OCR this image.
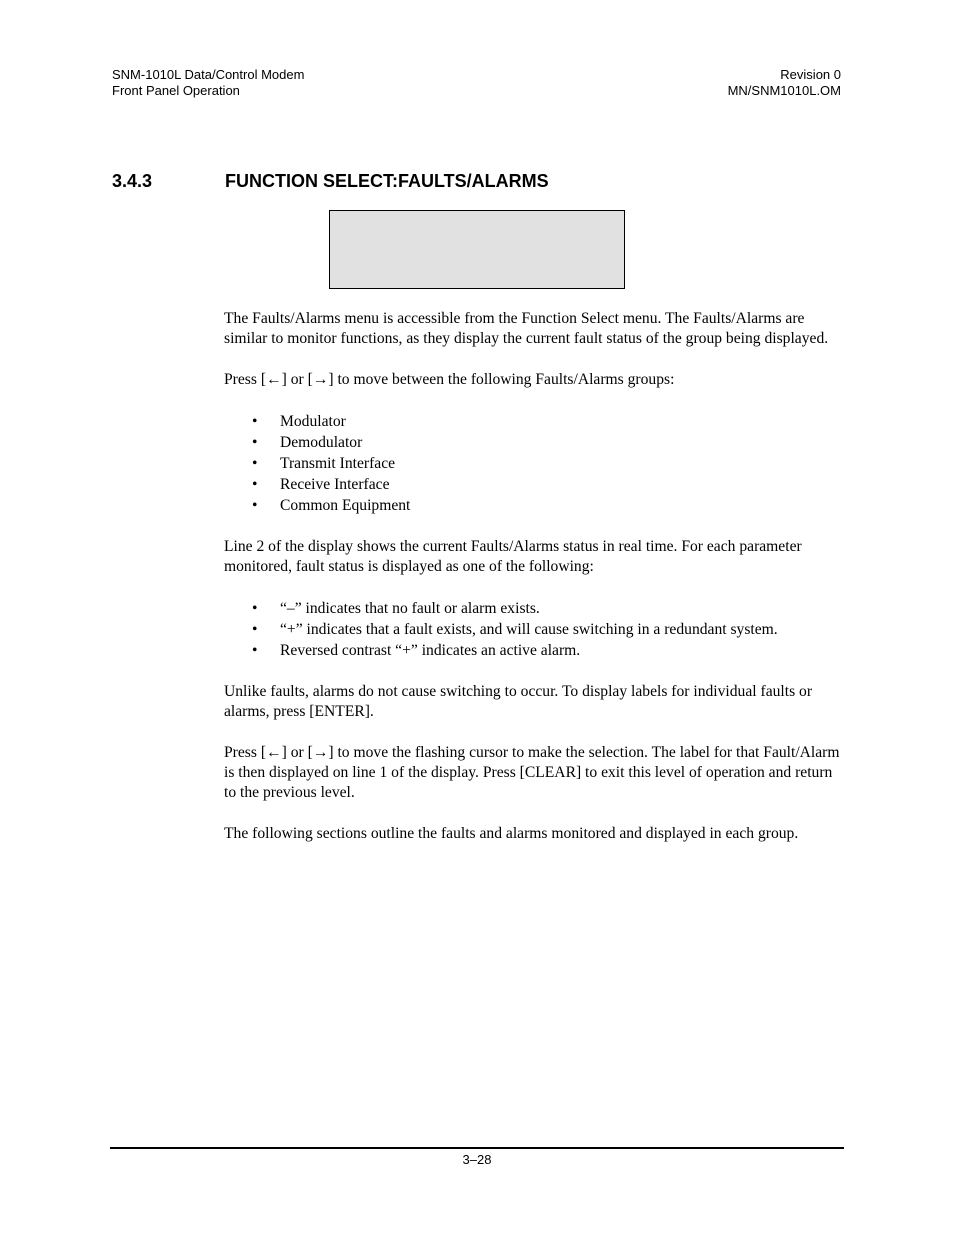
SNM-1010L Data/Control Modem
Front Panel Operation
Revision 0
MN/SNM1010L.OM
3.4.3	FUNCTION SELECT:FAULTS/ALARMS

The Faults/Alarms menu is accessible from the Function Select menu. The Faults/Alarms are similar to monitor functions, as they display the current fault status of the group being displayed.

Press [←] or [→] to move between the following Faults/Alarms groups:

• Modulator
• Demodulator
• Transmit Interface
• Receive Interface
• Common Equipment

Line 2 of the display shows the current Faults/Alarms status in real time. For each parameter monitored, fault status is displayed as one of the following:

• “–” indicates that no fault or alarm exists.
• “+” indicates that a fault exists, and will cause switching in a redundant system.
• Reversed contrast “+” indicates an active alarm.

Unlike faults, alarms do not cause switching to occur. To display labels for individual faults or alarms, press [ENTER].

Press [←] or [→] to move the flashing cursor to make the selection. The label for that Fault/Alarm is then displayed on line 1 of the display. Press [CLEAR] to exit this level of operation and return to the previous level.

The following sections outline the faults and alarms monitored and displayed in each group.

3–28
